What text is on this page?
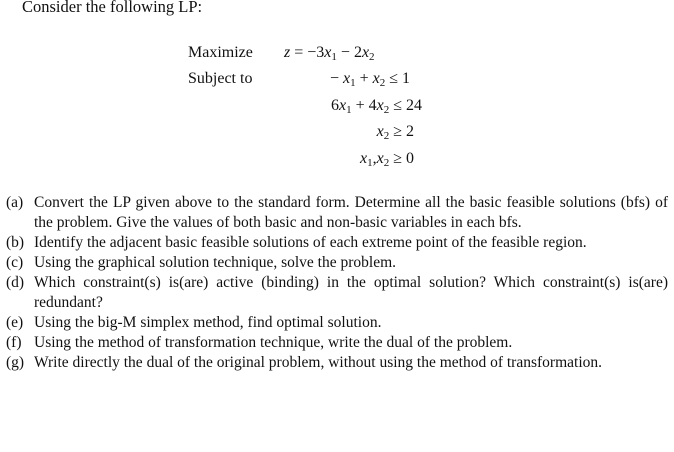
Consider the following LP:
Maximize
Subject to
$z = -3x_1 - 2x_2$
− $x_1 + x_2 \le 1$
$6x_1 + 4x_2 \le 24$
$x_2 \ge 2$
$x_1,x_2 \ge 0$
(a) Convert the LP given above to the standard form. Determine all the basic feasible solutions (bfs) of the problem. Give the values of both basic and non-basic variables in each bfs.
(b) Identify the adjacent basic feasible solutions of each extreme point of the feasible region.
(c) Using the graphical solution technique, solve the problem.
(d) Which constraint(s) is(are) active (binding) in the optimal solution? Which constraint(s) is(are) redundant?
(e) Using the big-M simplex method, find optimal solution.
(f) Using the method of transformation technique, write the dual of the problem.
(g) Write directly the dual of the original problem, without using the method of transformation.
